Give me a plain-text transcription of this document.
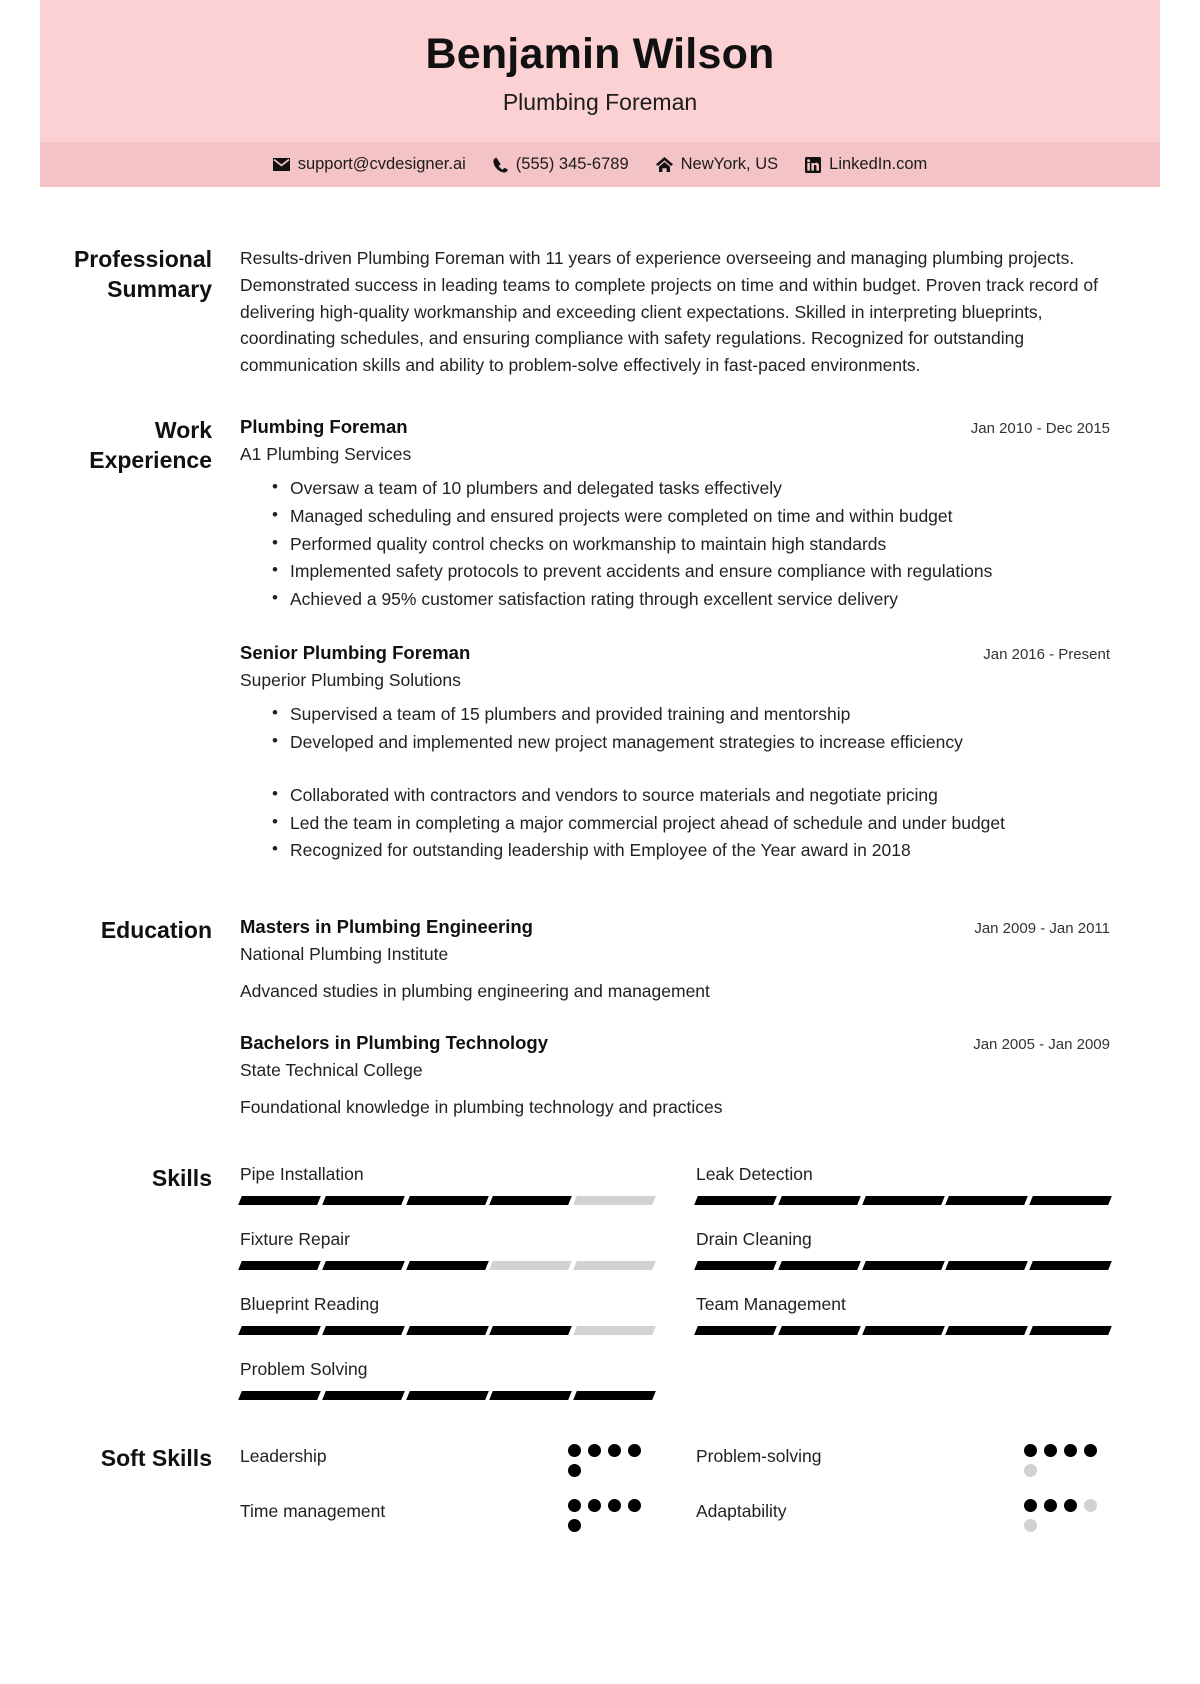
Benjamin Wilson
Plumbing Foreman
support@cvdesigner.ai	(555) 345-6789	NewYork, US	LinkedIn.com
Professional Summary
Results-driven Plumbing Foreman with 11 years of experience overseeing and managing plumbing projects. Demonstrated success in leading teams to complete projects on time and within budget. Proven track record of delivering high-quality workmanship and exceeding client expectations. Skilled in interpreting blueprints, coordinating schedules, and ensuring compliance with safety regulations. Recognized for outstanding communication skills and ability to problem-solve effectively in fast-paced environments.
Work Experience
Plumbing Foreman	Jan 2010 - Dec 2015
A1 Plumbing Services
• Oversaw a team of 10 plumbers and delegated tasks effectively
• Managed scheduling and ensured projects were completed on time and within budget
• Performed quality control checks on workmanship to maintain high standards
• Implemented safety protocols to prevent accidents and ensure compliance with regulations
• Achieved a 95% customer satisfaction rating through excellent service delivery
Senior Plumbing Foreman	Jan 2016 - Present
Superior Plumbing Solutions
• Supervised a team of 15 plumbers and provided training and mentorship
• Developed and implemented new project management strategies to increase efficiency
• Collaborated with contractors and vendors to source materials and negotiate pricing
• Led the team in completing a major commercial project ahead of schedule and under budget
• Recognized for outstanding leadership with Employee of the Year award in 2018
Education	Masters in Plumbing Engineering	Jan 2009 - Jan 2011
National Plumbing Institute
Advanced studies in plumbing engineering and management
Bachelors in Plumbing Technology	Jan 2005 - Jan 2009
State Technical College
Foundational knowledge in plumbing technology and practices
Skills	Pipe Installation	Leak Detection
Fixture Repair	Drain Cleaning
Blueprint Reading	Team Management
Problem Solving
Soft Skills	Leadership	Problem-solving
Time management	Adaptability
